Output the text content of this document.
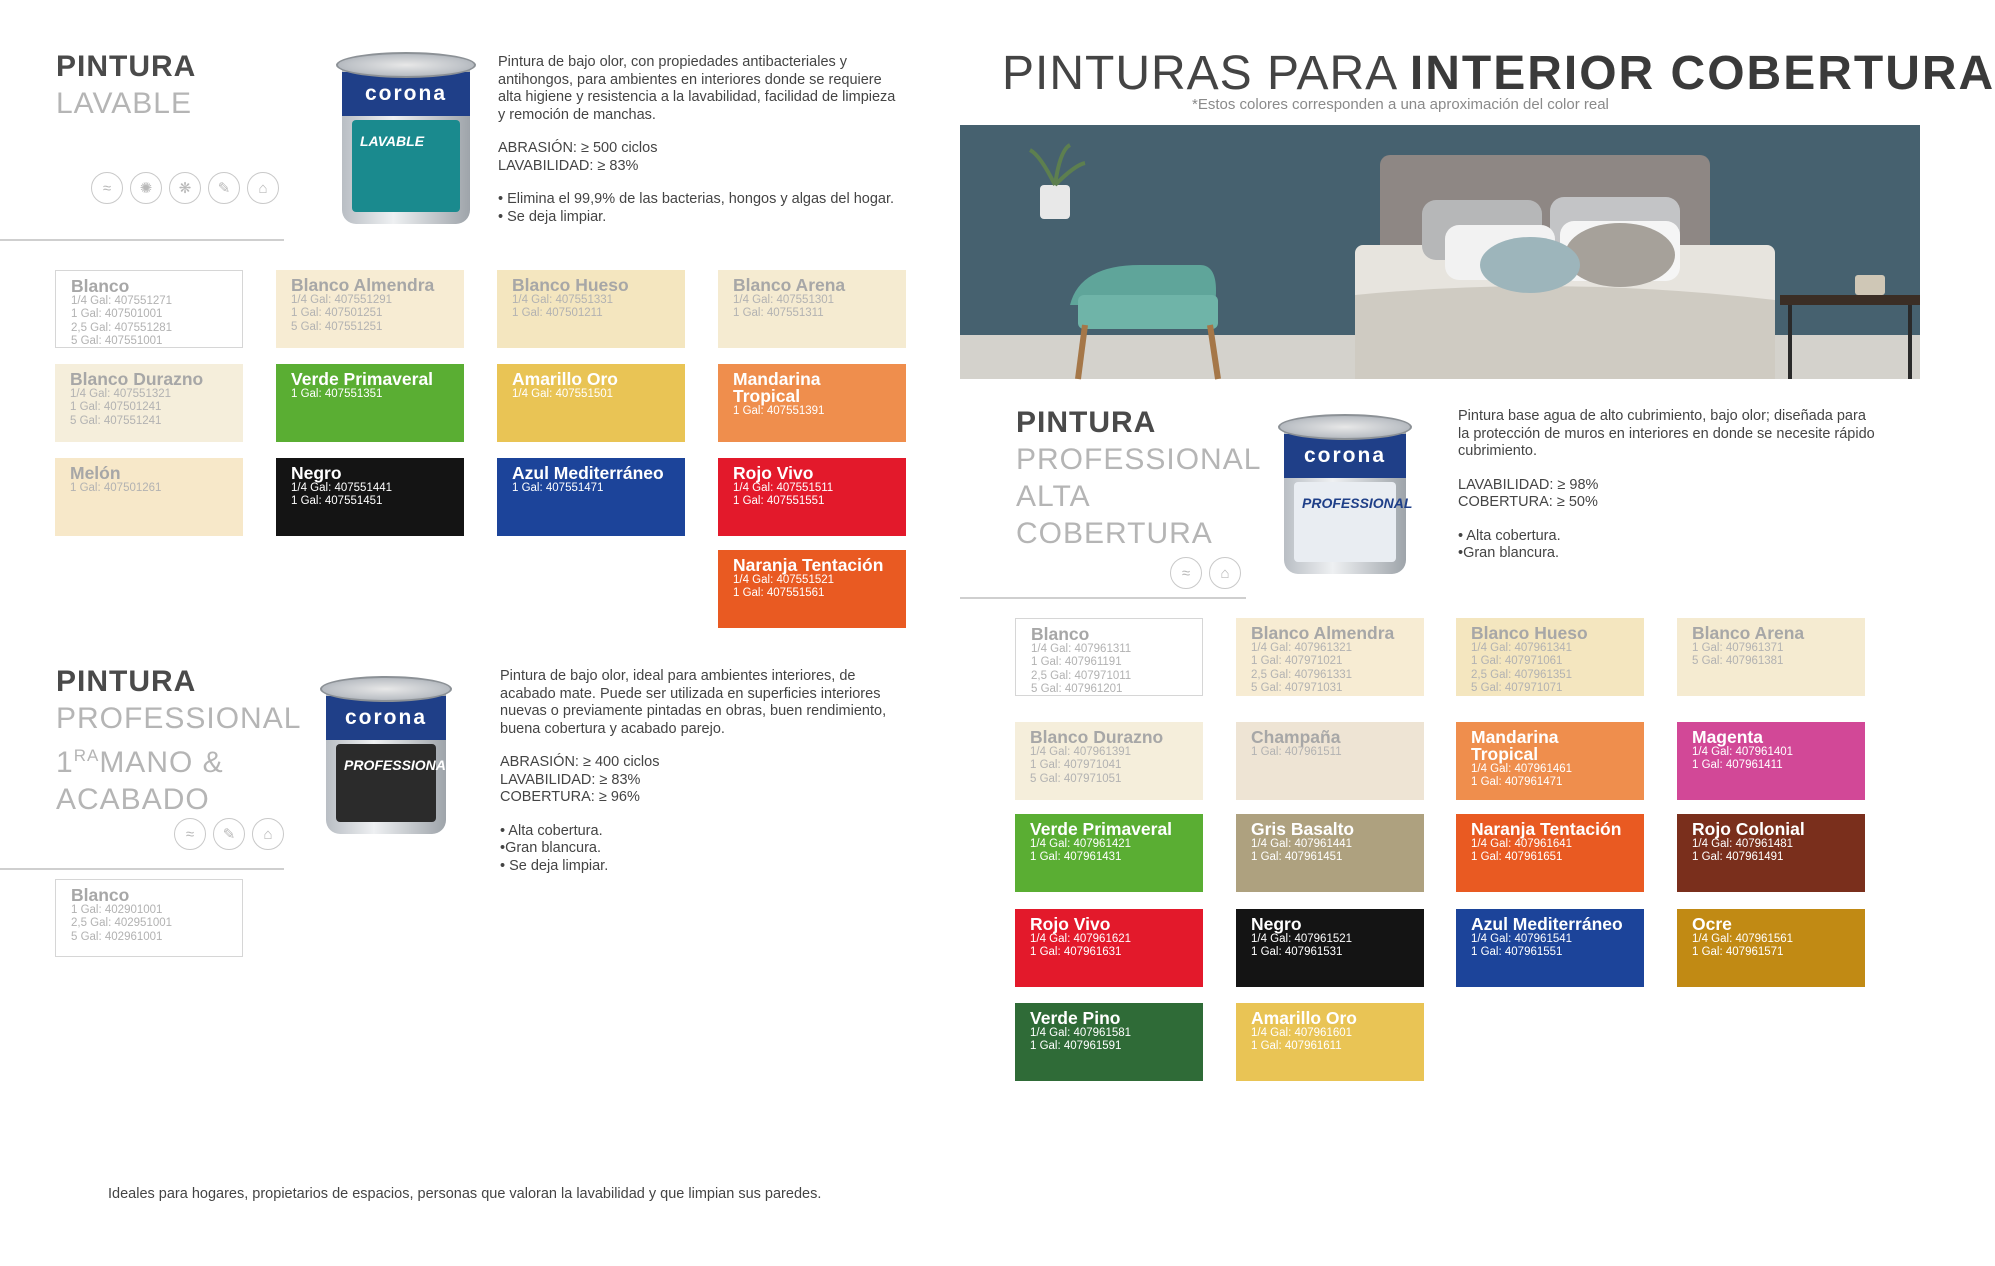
PINTURA
LAVABLE
≈	✺	❋	✎	⌂
corona
LAVABLE

Pintura de bajo olor, con propiedades antibacteriales y antihongos, para ambientes en interiores donde se requiere alta higiene y resistencia a la lavabilidad, facilidad de limpieza y remoción de manchas.

ABRASIÓN: ≥ 500 ciclos
LAVABILIDAD: ≥ 83%

• Elimina el 99,9% de las bacterias, hongos y algas del hogar.
• Se deja limpiar.

Blanco
1/4 Gal: 407551271
1 Gal: 407501001
2,5 Gal: 407551281
5 Gal: 407551001
Blanco Almendra
1/4 Gal: 407551291
1 Gal: 407501251
5 Gal: 407551251
Blanco Hueso
1/4 Gal: 407551331
1 Gal: 407501211
Blanco Arena
1/4 Gal: 407551301
1 Gal: 407551311
Blanco Durazno
1/4 Gal: 407551321
1 Gal: 407501241
5 Gal: 407551241
Verde Primaveral
1 Gal: 407551351
Amarillo Oro
1/4 Gal: 407551501
Mandarina Tropical
1 Gal: 407551391
Melón
1 Gal: 407501261
Negro
1/4 Gal: 407551441
1 Gal: 407551451
Azul Mediterráneo
1 Gal: 407551471
Rojo Vivo
1/4 Gal: 407551511
1 Gal: 407551551
Naranja Tentación
1/4 Gal: 407551521
1 Gal: 407551561
PINTURA
PROFESSIONAL
$1^{RA}MANO$ &
ACABADO
≈	✎	⌂
corona
PROFESSIONAL

Pintura de bajo olor, ideal para ambientes interiores, de acabado mate. Puede ser utilizada en superficies interiores nuevas o previamente pintadas en obras, buen rendimiento, buena cobertura y acabado parejo.

ABRASIÓN: ≥ 400 ciclos
LAVABILIDAD: ≥ 83%
COBERTURA: ≥ 96%

• Alta cobertura.
•Gran blancura.
• Se deja limpiar.

Blanco
1 Gal: 402901001
2,5 Gal: 402951001
5 Gal: 402961001
Ideales para hogares, propietarios de espacios, personas que valoran la lavabilidad y que limpian sus paredes.
PINTURAS PARA INTERIOR COBERTURA
*Estos colores corresponden a una aproximación del color real
PINTURA
PROFESSIONAL
ALTA
COBERTURA
≈	⌂
corona
PROFESSIONAL

Pintura base agua de alto cubrimiento, bajo olor; diseñada para la protección de muros en interiores en donde se necesite rápido cubrimiento.

LAVABILIDAD: ≥ 98%
COBERTURA: ≥ 50%

• Alta cobertura.
•Gran blancura.

Blanco
1/4 Gal: 407961311
1 Gal: 407961191
2,5 Gal: 407971011
5 Gal: 407961201
Blanco Almendra
1/4 Gal: 407961321
1 Gal: 407971021
2,5 Gal: 407961331
5 Gal: 407971031
Blanco Hueso
1/4 Gal: 407961341
1 Gal: 407971061
2,5 Gal: 407961351
5 Gal: 407971071
Blanco Arena
1 Gal: 407961371
5 Gal: 407961381
Blanco Durazno
1/4 Gal: 407961391
1 Gal: 407971041
5 Gal: 407971051
Champaña
1 Gal: 407961511
Mandarina Tropical
1/4 Gal: 407961461
1 Gal: 407961471
Magenta
1/4 Gal: 407961401
1 Gal: 407961411
Verde Primaveral
1/4 Gal: 407961421
1 Gal: 407961431
Gris Basalto
1/4 Gal: 407961441
1 Gal: 407961451
Naranja Tentación
1/4 Gal: 407961641
1 Gal: 407961651
Rojo Colonial
1/4 Gal: 407961481
1 Gal: 407961491
Rojo Vivo
1/4 Gal: 407961621
1 Gal: 407961631
Negro
1/4 Gal: 407961521
1 Gal: 407961531
Azul Mediterráneo
1/4 Gal: 407961541
1 Gal: 407961551
Ocre
1/4 Gal: 407961561
1 Gal: 407961571
Verde Pino
1/4 Gal: 407961581
1 Gal: 407961591
Amarillo Oro
1/4 Gal: 407961601
1 Gal: 407961611
